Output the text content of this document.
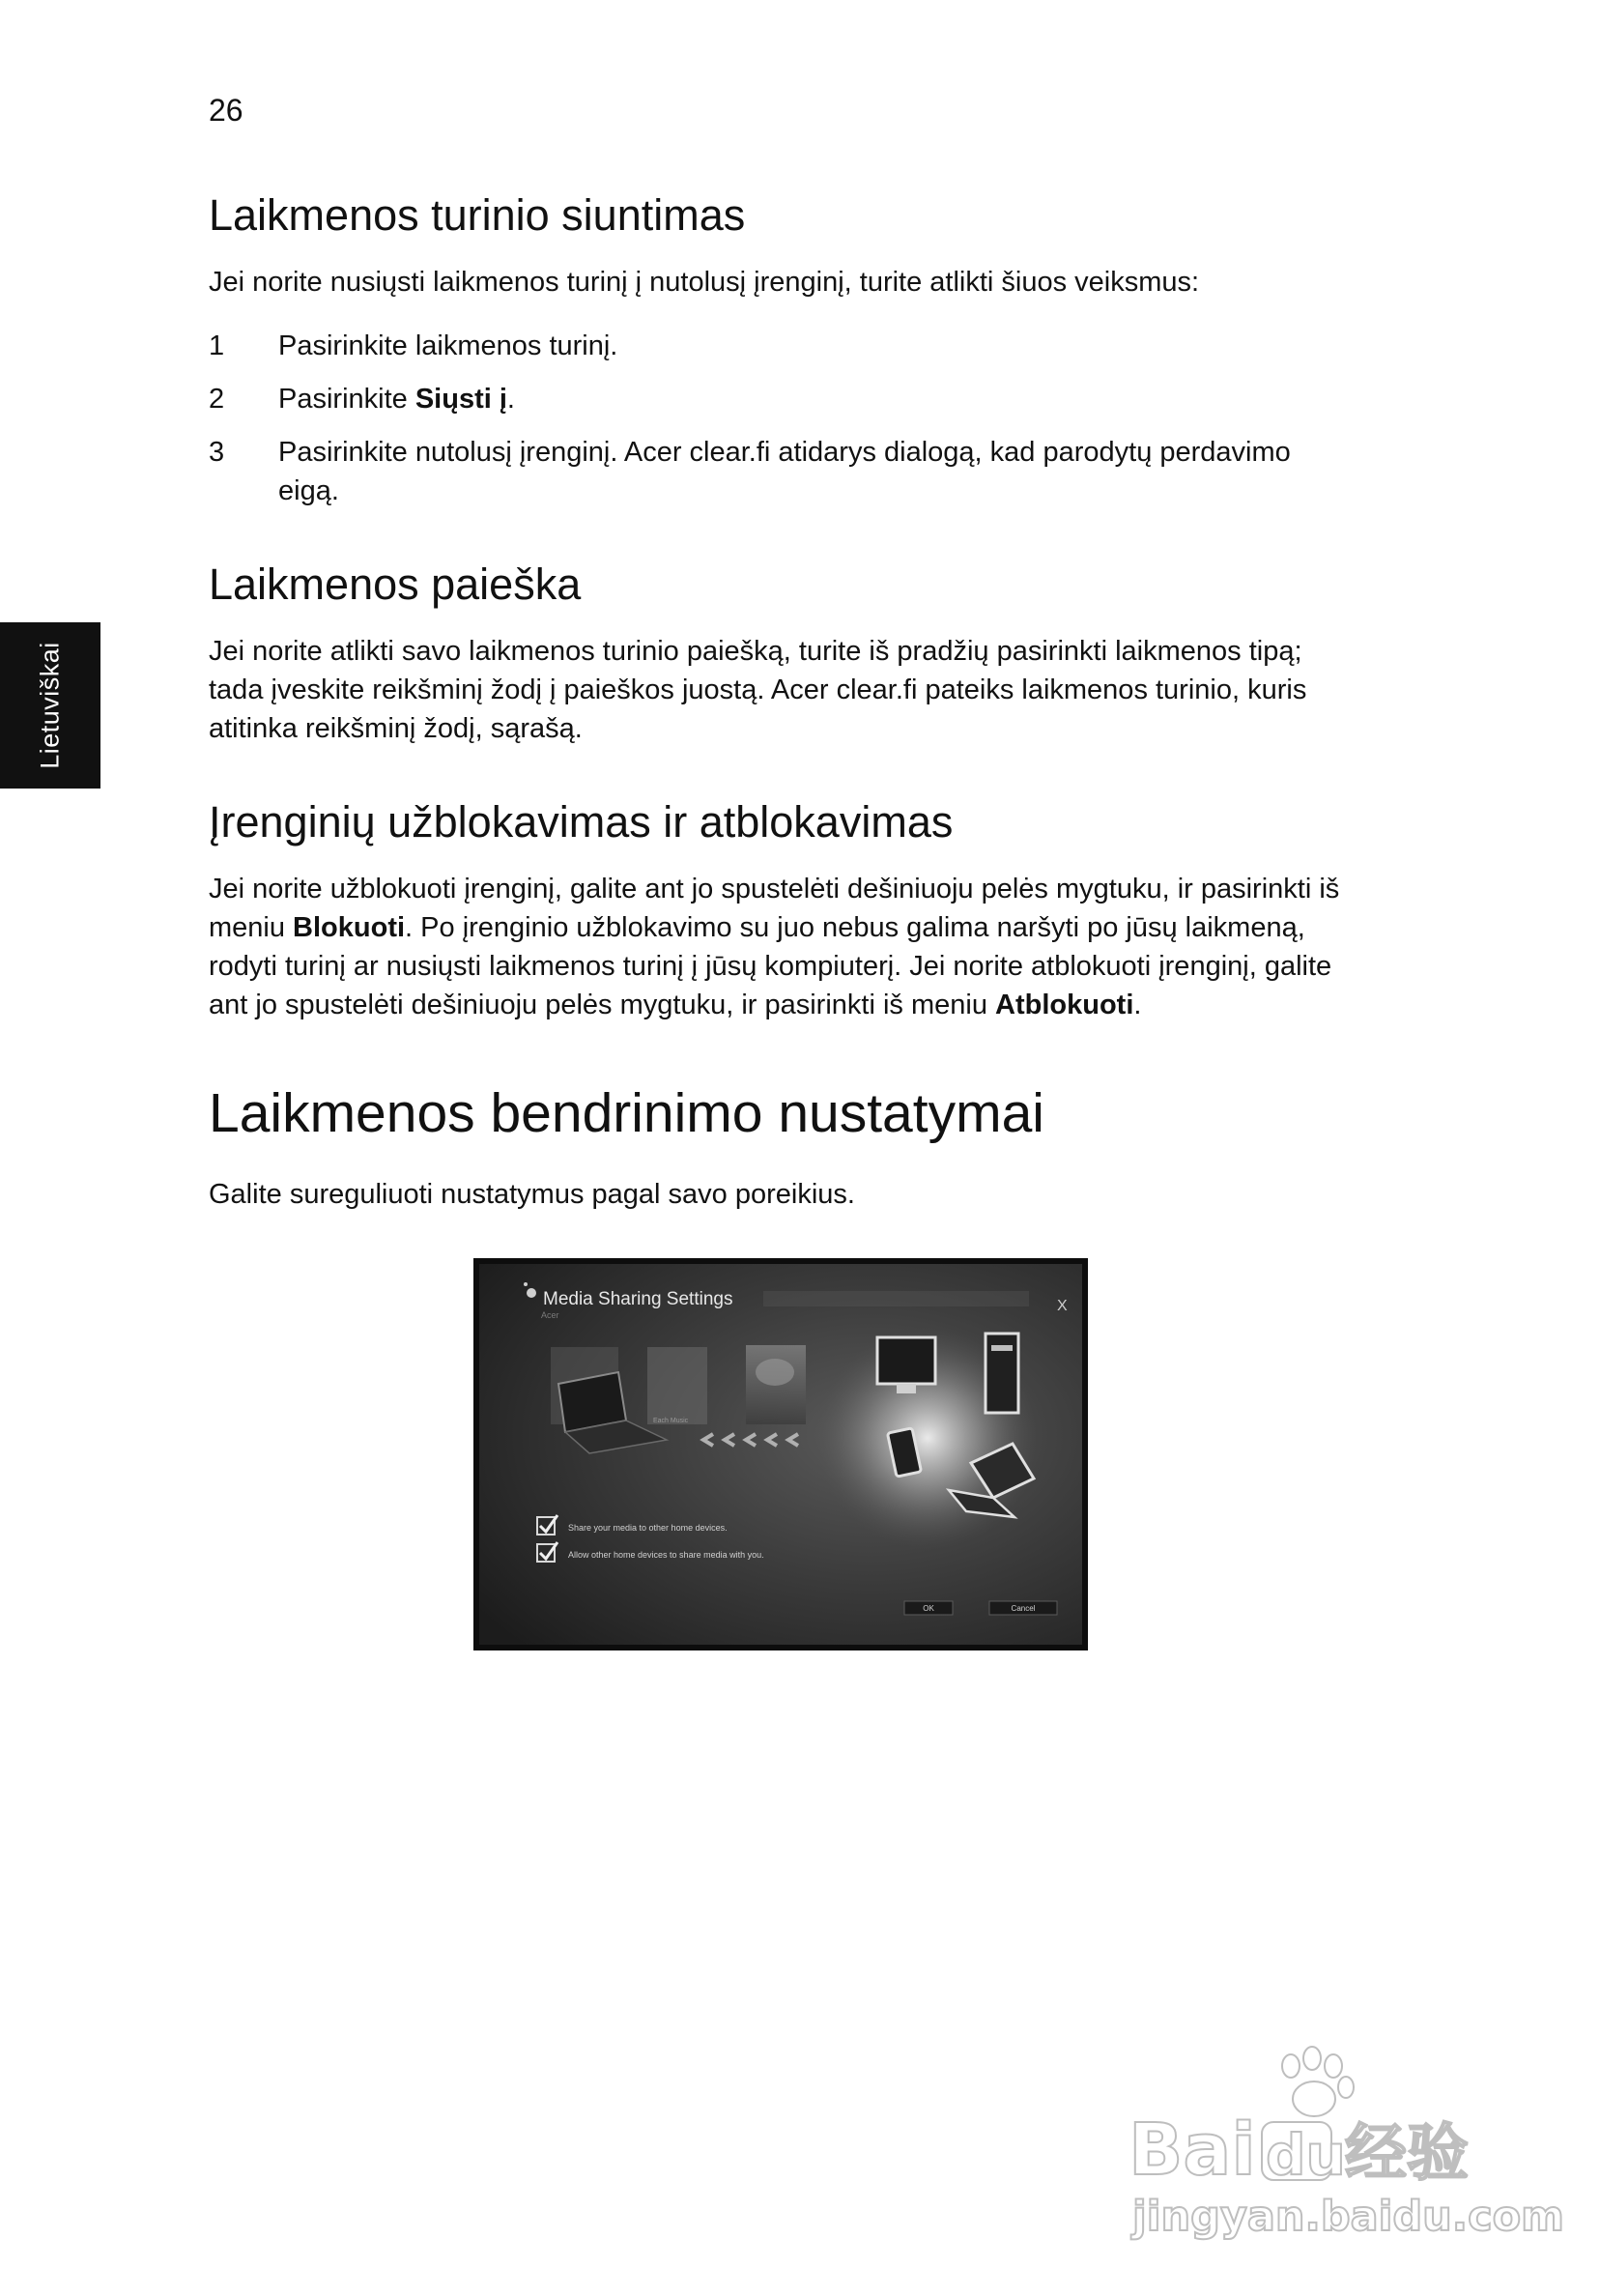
26
Lietuviškai
Laikmenos turinio siuntimas

Jei norite nusiųsti laikmenos turinį į nutolusį įrenginį, turite atlikti šiuos veiksmus:

1 Pasirinkite laikmenos turinį.
2 Pasirinkite Siųsti į.
3 Pasirinkite nutolusį įrenginį. Acer clear.fi atidarys dialogą, kad parodytų perdavimo eigą.
Laikmenos paieška

Jei norite atlikti savo laikmenos turinio paiešką, turite iš pradžių pasirinkti laikmenos tipą; tada įveskite reikšminį žodį į paieškos juostą. Acer clear.fi pateiks laikmenos turinio, kuris atitinka reikšminį žodį, sąrašą.

Įrenginių užblokavimas ir atblokavimas

Jei norite užblokuoti įrenginį, galite ant jo spustelėti dešiniuoju pelės mygtuku, ir pasirinkti iš meniu Blokuoti. Po įrenginio užblokavimo su juo nebus galima naršyti po jūsų laikmeną, rodyti turinį ar nusiųsti laikmenos turinį į jūsų kompiuterį. Jei norite atblokuoti įrenginį, galite ant jo spustelėti dešiniuoju pelės mygtuku, ir pasirinkti iš meniu Atblokuoti.

Laikmenos bendrinimo nustatymai

Galite sureguliuoti nustatymus pagal savo poreikius.

Media Sharing Settings
Acer
X
Each Music
Share your media to other home devices.
Allow other home devices to share media with you.
OK	Cancel
Bai du 经验
jingyan.baidu.com
